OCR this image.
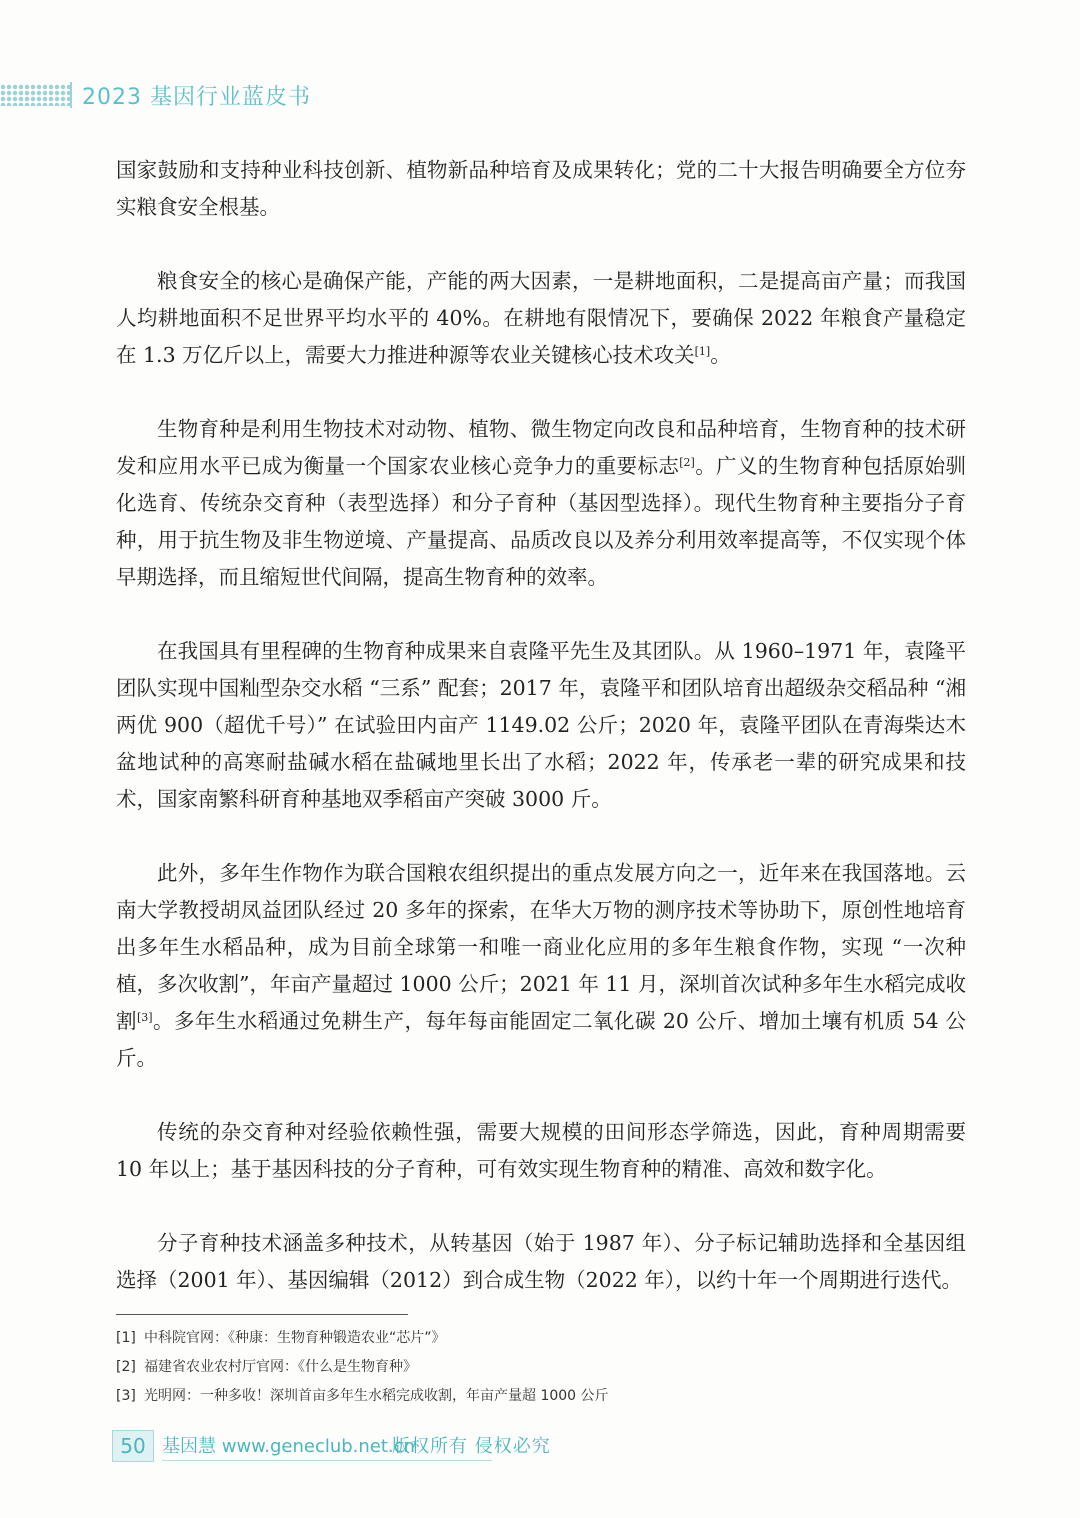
2023 基因行业蓝皮书

国家鼓励和支持种业科技创新、植物新品种培育及成果转化；党的二十大报告明确要全方位夯实粮食安全根基。

粮食安全的核心是确保产能，产能的两大因素，一是耕地面积，二是提高亩产量；而我国人均耕地面积不足世界平均水平的 40%。在耕地有限情况下，要确保 2022 年粮食产量稳定在 1.3 万亿斤以上，需要大力推进种源等农业关键核心技术攻关[1]。

生物育种是利用生物技术对动物、植物、微生物定向改良和品种培育，生物育种的技术研发和应用水平已成为衡量一个国家农业核心竞争力的重要标志[2]。广义的生物育种包括原始驯化选育、传统杂交育种（表型选择）和分子育种（基因型选择）。现代生物育种主要指分子育种，用于抗生物及非生物逆境、产量提高、品质改良以及养分利用效率提高等，不仅实现个体早期选择，而且缩短世代间隔，提高生物育种的效率。

在我国具有里程碑的生物育种成果来自袁隆平先生及其团队。从 1960–1971 年，袁隆平团队实现中国籼型杂交水稻 “三系” 配套；2017 年，袁隆平和团队培育出超级杂交稻品种 “湘两优 900（超优千号）” 在试验田内亩产 1149.02 公斤；2020 年，袁隆平团队在青海柴达木盆地试种的高寒耐盐碱水稻在盐碱地里长出了水稻；2022 年，传承老一辈的研究成果和技术，国家南繁科研育种基地双季稻亩产突破 3000 斤。

此外，多年生作物作为联合国粮农组织提出的重点发展方向之一，近年来在我国落地。云南大学教授胡凤益团队经过 20 多年的探索，在华大万物的测序技术等协助下，原创性地培育出多年生水稻品种，成为目前全球第一和唯一商业化应用的多年生粮食作物，实现 “一次种植，多次收割”，年亩产量超过 1000 公斤；2021 年 11 月，深圳首次试种多年生水稻完成收割[3]。多年生水稻通过免耕生产，每年每亩能固定二氧化碳 20 公斤、增加土壤有机质 54 公斤。

传统的杂交育种对经验依赖性强，需要大规模的田间形态学筛选，因此，育种周期需要 10 年以上；基于基因科技的分子育种，可有效实现生物育种的精准、高效和数字化。

分子育种技术涵盖多种技术，从转基因（始于 1987 年）、分子标记辅助选择和全基因组选择（2001 年）、基因编辑（2012）到合成生物（2022 年），以约十年一个周期进行迭代。

[1] 中科院官网：《种康：生物育种锻造农业“芯片”》
[2] 福建省农业农村厅官网：《什么是生物育种》
[3] 光明网：一种多收！深圳首亩多年生水稻完成收割，年亩产量超 1000 公斤
50 基因慧 www.geneclub.net.cn
版权所有 侵权必究
